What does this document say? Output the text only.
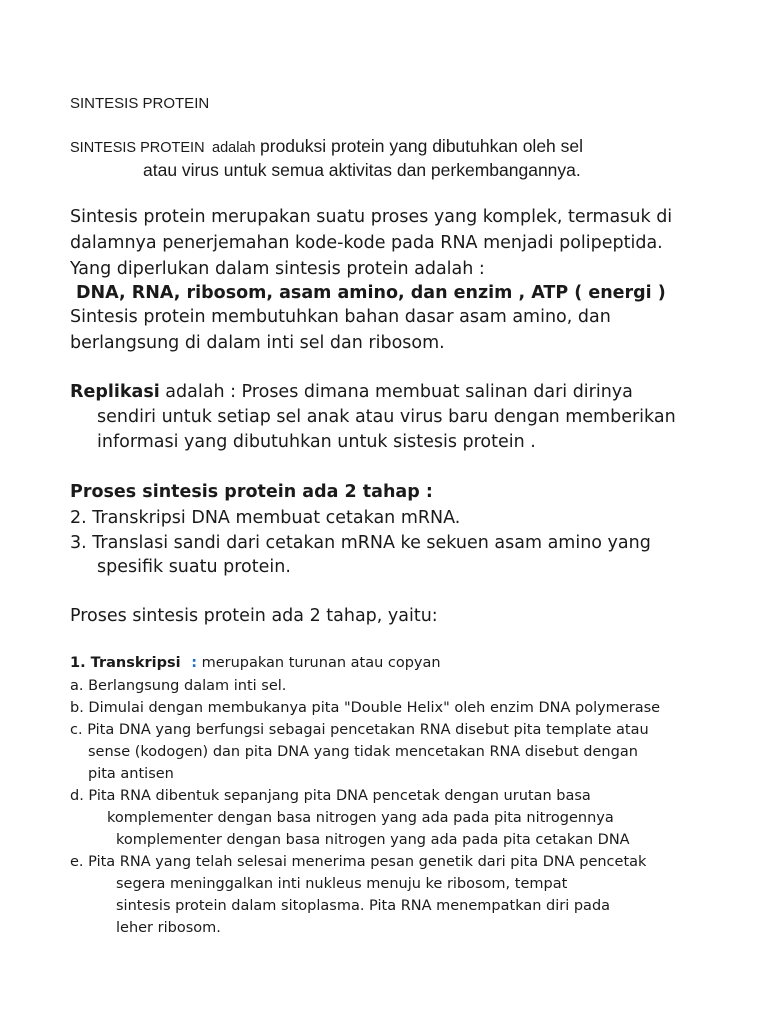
SINTESIS PROTEIN
SINTESIS PROTEIN adalah produksi protein yang dibutuhkan oleh sel
atau virus untuk semua aktivitas dan perkembangannya.
Sintesis protein merupakan suatu proses yang komplek, termasuk di
dalamnya penerjemahan kode-kode pada RNA menjadi polipeptida.
Yang diperlukan dalam sintesis protein adalah :
DNA, RNA, ribosom, asam amino, dan enzim , ATP ( energi )
Sintesis protein membutuhkan bahan dasar asam amino, dan
berlangsung di dalam inti sel dan ribosom.
Replikasi adalah : Proses dimana membuat salinan dari dirinya
sendiri untuk setiap sel anak atau virus baru dengan memberikan
informasi yang dibutuhkan untuk sistesis protein .
Proses sintesis protein ada 2 tahap :
2. Transkripsi DNA membuat cetakan mRNA.
3. Translasi sandi dari cetakan mRNA ke sekuen asam amino yang
spesifik suatu protein.
Proses sintesis protein ada 2 tahap, yaitu:
1. Transkripsi : merupakan turunan atau copyan
a. Berlangsung dalam inti sel.
b. Dimulai dengan membukanya pita "Double Helix" oleh enzim DNA polymerase
c. Pita DNA yang berfungsi sebagai pencetakan RNA disebut pita template atau
sense (kodogen) dan pita DNA yang tidak mencetakan RNA disebut dengan
pita antisen
d. Pita RNA dibentuk sepanjang pita DNA pencetak dengan urutan basa
komplementer dengan basa nitrogen yang ada pada pita nitrogennya
komplementer dengan basa nitrogen yang ada pada pita cetakan DNA
e. Pita RNA yang telah selesai menerima pesan genetik dari pita DNA pencetak
segera meninggalkan inti nukleus menuju ke ribosom, tempat
sintesis protein dalam sitoplasma. Pita RNA menempatkan diri pada
leher ribosom.
